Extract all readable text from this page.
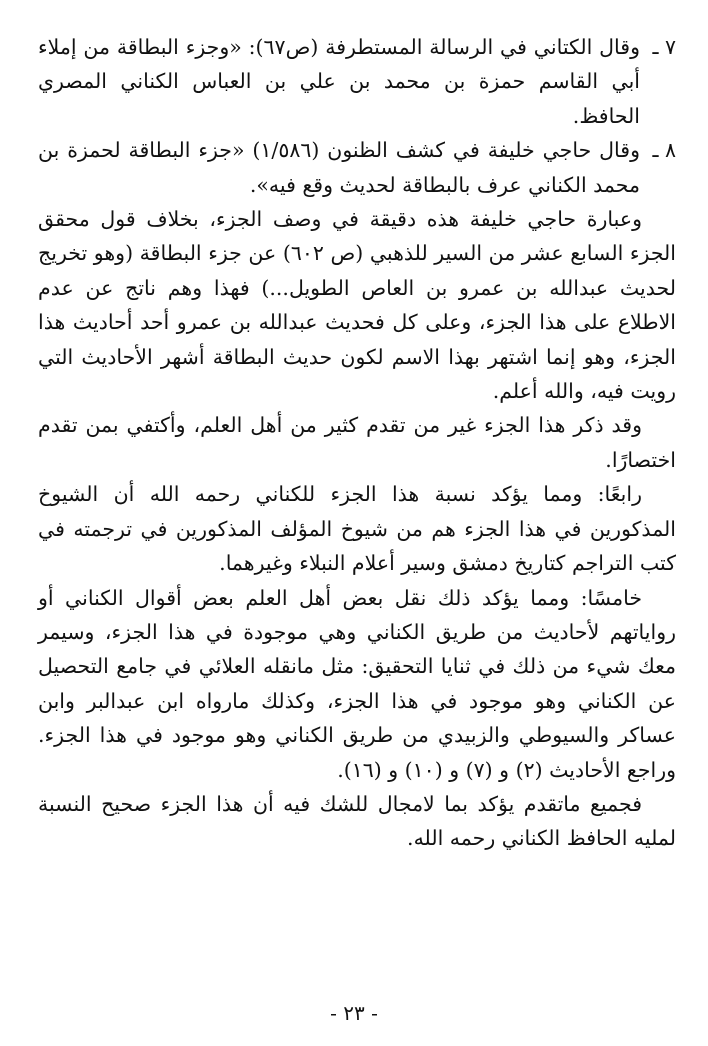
٧ ـ
وقال الكتاني في الرسالة المستطرفة (ص٦٧): «وجزء البطاقة من إملاء أبي القاسم حمزة بن محمد بن علي بن العباس الكناني المصري الحافظ.
٨ ـ
وقال حاجي خليفة في كشف الظنون (١/٥٨٦) «جزء البطاقة لحمزة بن محمد الكناني عرف بالبطاقة لحديث وقع فيه».

وعبارة حاجي خليفة هذه دقيقة في وصف الجزء، بخلاف قول محقق الجزء السابع عشر من السير للذهبي (ص ٦٠٢) عن جزء البطاقة (وهو تخريج لحديث عبدالله بن عمرو بن العاص الطويل...) فهذا وهم ناتج عن عدم الاطلاع على هذا الجزء، وعلى كل فحديث عبدالله بن عمرو أحد أحاديث هذا الجزء، وهو إنما اشتهر بهذا الاسم لكون حديث البطاقة أشهر الأحاديث التي رويت فيه، والله أعلم.

وقد ذكر هذا الجزء غير من تقدم كثير من أهل العلم، وأكتفي بمن تقدم اختصارًا.

رابعًا: ومما يؤكد نسبة هذا الجزء للكناني رحمه الله أن الشيوخ المذكورين في هذا الجزء هم من شيوخ المؤلف المذكورين في ترجمته في كتب التراجم كتاريخ دمشق وسير أعلام النبلاء وغيرهما.

خامسًا: ومما يؤكد ذلك نقل بعض أهل العلم بعض أقوال الكناني أو رواياتهم لأحاديث من طريق الكناني وهي موجودة في هذا الجزء، وسيمر معك شيء من ذلك في ثنايا التحقيق: مثل مانقله العلائي في جامع التحصيل عن الكناني وهو موجود في هذا الجزء، وكذلك مارواه ابن عبدالبر وابن عساكر والسيوطي والزبيدي من طريق الكناني وهو موجود في هذا الجزء. وراجع الأحاديث (٢) و (٧) و (١٠) و (١٦).

فجميع ماتقدم يؤكد بما لامجال للشك فيه أن هذا الجزء صحيح النسبة لمليه الحافظ الكناني رحمه الله.

- ٢٣ -
